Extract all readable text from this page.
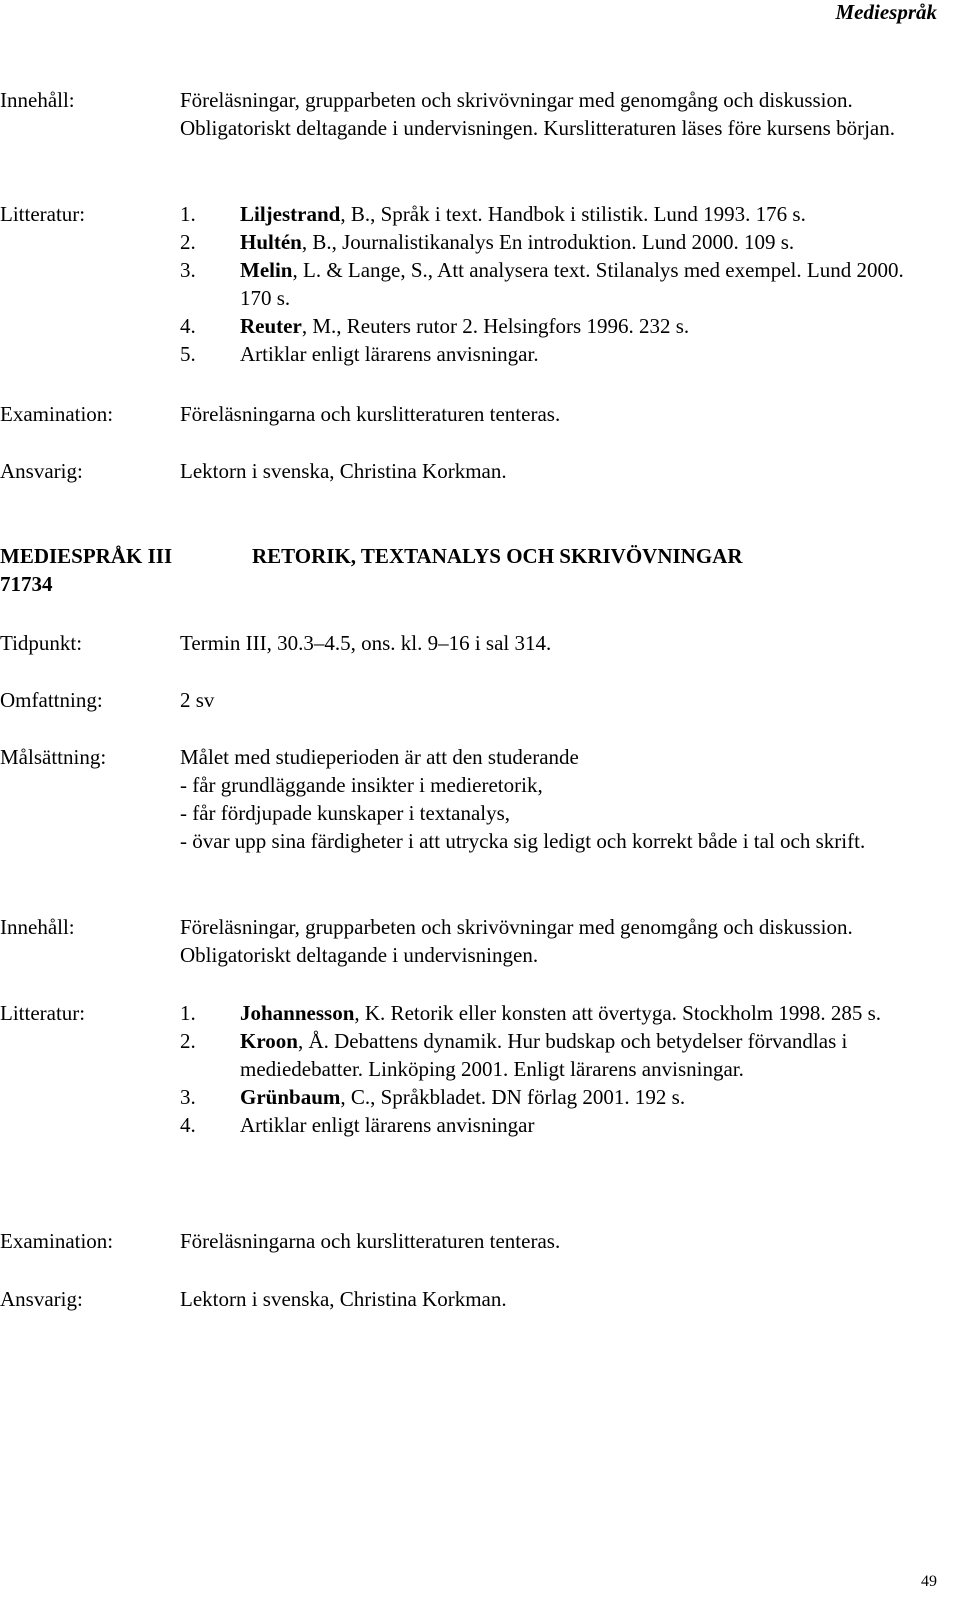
Mediespråk
Innehåll:	Föreläsningar, grupparbeten och skrivövningar med genomgång och diskussion. Obligatoriskt deltagande i undervisningen. Kurslitteraturen läses före kursens början.
Litteratur:	1. Liljestrand, B., Språk i text. Handbok i stilistik. Lund 1993. 176 s.
2. Hultén, B., Journalistikanalys En introduktion. Lund 2000. 109 s.
3. Melin, L. & Lange, S., Att analysera text. Stilanalys med exempel. Lund 2000. 170 s.
4. Reuter, M., Reuters rutor 2. Helsingfors 1996. 232 s.
5. Artiklar enligt lärarens anvisningar.
Examination:	Föreläsningarna och kurslitteraturen tenteras.
Ansvarig:	Lektorn i svenska, Christina Korkman.
MEDIESPRÅK III
71734
RETORIK, TEXTANALYS OCH SKRIVÖVNINGAR
Tidpunkt:	Termin III, 30.3–4.5, ons. kl. 9–16 i sal 314.
Omfattning:	2 sv
Målsättning:	Målet med studieperioden är att den studerande
- får grundläggande insikter i medieretorik,
- får fördjupade kunskaper i textanalys,
- övar upp sina färdigheter i att utrycka sig ledigt och korrekt både i tal och skrift.
Innehåll:	Föreläsningar, grupparbeten och skrivövningar med genomgång och diskussion. Obligatoriskt deltagande i undervisningen.
Litteratur:	1. Johannesson, K. Retorik eller konsten att övertyga. Stockholm 1998. 285 s.
2. Kroon, Å. Debattens dynamik. Hur budskap och betydelser förvandlas i mediedebatter. Linköping 2001. Enligt lärarens anvisningar.
3. Grünbaum, C., Språkbladet. DN förlag 2001. 192 s.
4. Artiklar enligt lärarens anvisningar
Examination:	Föreläsningarna och kurslitteraturen tenteras.
Ansvarig:	Lektorn i svenska, Christina Korkman.
49
